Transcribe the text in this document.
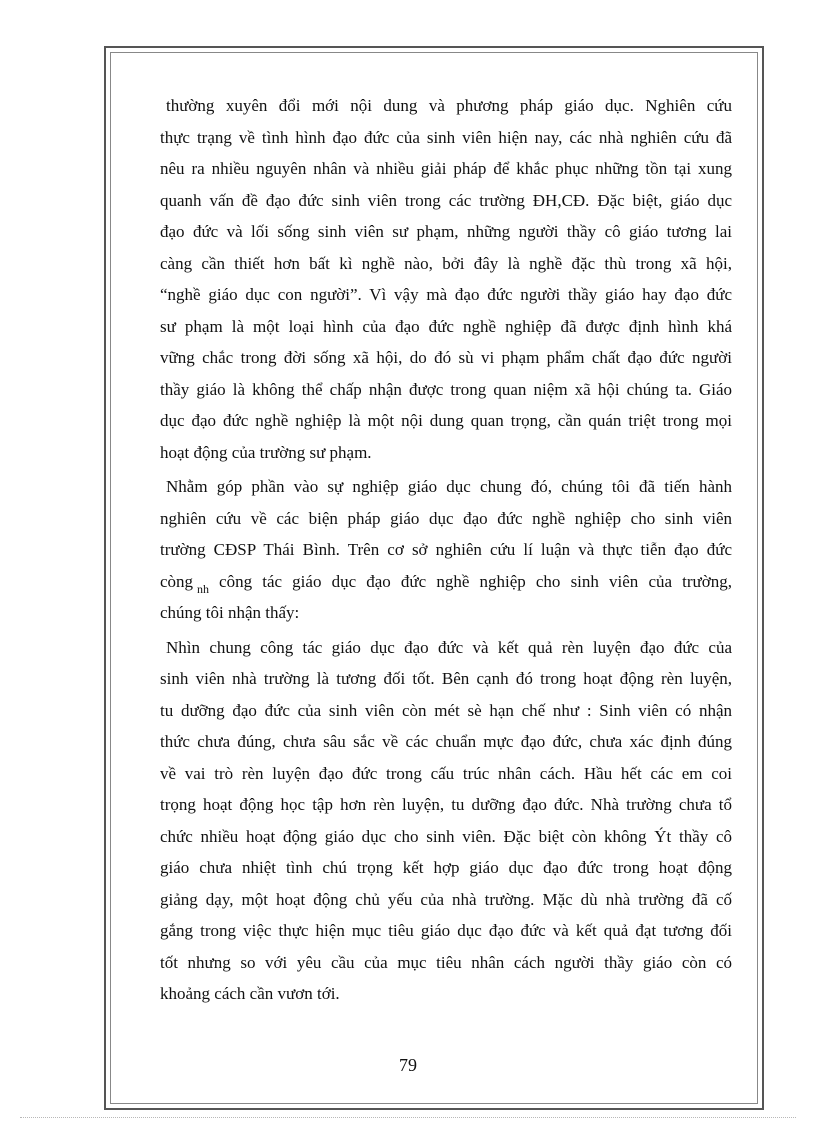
thường xuyên đổi mới nội dung và phương pháp giáo dục. Nghiên cứu
thực trạng về tình hình đạo đức của sinh viên hiện nay, các nhà nghiên cứu đã
nêu ra nhiều nguyên nhân và nhiều giải pháp để khắc phục những tồn tại xung
quanh vấn đề đạo đức sinh viên trong các trường ĐH,CĐ. Đặc biệt, giáo dục
đạo đức và lối sống sinh viên sư phạm, những người thầy cô giáo tương lai
càng cần thiết hơn bất kì nghề nào, bởi đây là nghề đặc thù trong xã hội,
“nghề giáo dục con người”. Vì vậy mà đạo đức người thầy giáo hay đạo đức
sư phạm là một loại hình của đạo đức nghề nghiệp đã được định hình khá
vững chắc trong đời sống xã hội, do đó sù vi phạm phẩm chất đạo đức người
thầy giáo là không thể chấp nhận được trong quan niệm xã hội chúng ta. Giáo
dục đạo đức nghề nghiệp là một nội dung quan trọng, cần quán triệt trong mọi
hoạt động của trường sư phạm.
Nhằm góp phần vào sự nghiệp giáo dục chung đó, chúng tôi đã tiến hành
nghiên cứu về các biện pháp giáo dục đạo đức nghề nghiệp cho sinh viên
trường CĐSP Thái Bình. Trên cơ sở nghiên cứu lí luận và thực tiễn đạo đức
còng $_{nh}$ công tác giáo dục đạo đức nghề nghiệp cho sinh viên của trường,
chúng tôi nhận thấy:
Nhìn chung công tác giáo dục đạo đức và kết quả rèn luyện đạo đức của
sinh viên nhà trường là tương đối tốt. Bên cạnh đó trong hoạt động rèn luyện,
tu dưỡng đạo đức của sinh viên còn mét sè hạn chế như : Sinh viên có nhận
thức chưa đúng, chưa sâu sắc về các chuẩn mực đạo đức, chưa xác định đúng
về vai trò rèn luyện đạo đức trong cấu trúc nhân cách. Hầu hết các em coi
trọng hoạt động học tập hơn rèn luyện, tu dưỡng đạo đức. Nhà trường chưa tổ
chức nhiều hoạt động giáo dục cho sinh viên. Đặc biệt còn không Ýt thầy cô
giáo chưa nhiệt tình chú trọng kết hợp giáo dục đạo đức trong hoạt động
giảng dạy, một hoạt động chủ yếu của nhà trường. Mặc dù nhà trường đã cố
gắng trong việc thực hiện mục tiêu giáo dục đạo đức và kết quả đạt tương đối
tốt nhưng so với yêu cầu của mục tiêu nhân cách người thầy giáo còn có
khoảng cách cần vươn tới.
79
